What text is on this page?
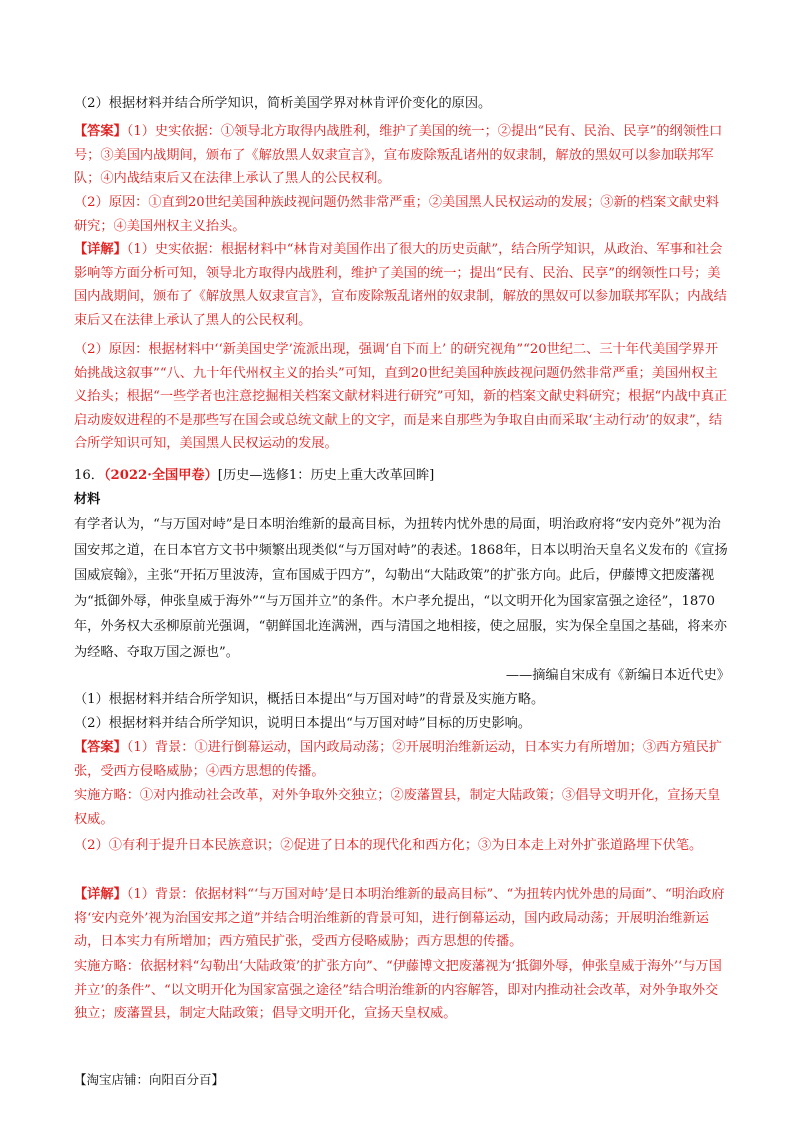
（2）根据材料并结合所学知识，简析美国学界对林肯评价变化的原因。

【答案】（1）史实依据：①领导北方取得内战胜利，维护了美国的统一；②提出“民有、民治、民享”的纲领性口号；③美国内战期间，颁布了《解放黑人奴隶宣言》，宣布废除叛乱诸州的奴隶制，解放的黑奴可以参加联邦军队；④内战结束后又在法律上承认了黑人的公民权利。

（2）原因：①直到20世纪美国种族歧视问题仍然非常严重；②美国黑人民权运动的发展；③新的档案文献史料研究；④美国州权主义抬头。

【详解】（1）史实依据：根据材料中“林肯对美国作出了很大的历史贡献”，结合所学知识，从政治、军事和社会影响等方面分析可知，领导北方取得内战胜利，维护了美国的统一；提出“民有、民治、民享”的纲领性口号；美国内战期间，颁布了《解放黑人奴隶宣言》，宣布废除叛乱诸州的奴隶制，解放的黑奴可以参加联邦军队；内战结束后又在法律上承认了黑人的公民权利。

（2）原因：根据材料中‘‘新美国史学’流派出现，强调‘自下而上’ 的研究视角”“20世纪二、三十年代美国学界开始挑战这叙事”“八、九十年代州权主义的抬头”可知，直到20世纪美国种族歧视问题仍然非常严重；美国州权主义抬头；根据“一些学者也注意挖掘相关档案文献材料进行研究”可知，新的档案文献史料研究；根据“内战中真正启动废奴进程的不是那些写在国会或总统文献上的文字，而是来自那些为争取自由而采取‘主动行动’的奴隶”，结合所学知识可知，美国黑人民权运动的发展。

16．（2022·全国甲卷）[历史—选修1：历史上重大改革回眸]

材料

有学者认为，“与万国对峙”是日本明治维新的最高目标，为扭转内忧外患的局面，明治政府将“安内竞外”视为治国安邦之道，在日本官方文书中频繁出现类似“与万国对峙”的表述。1868年，日本以明治天皇名义发布的《宣扬国威宸翰》，主张“开拓万里波涛，宣布国威于四方”，勾勒出“大陆政策”的扩张方向。此后，伊藤博文把废藩视为“抵御外辱，伸张皇威于海外”“与万国并立”的条件。木户孝允提出，“以文明开化为国家富强之途径”，1870年，外务权大丞柳原前光强调，“朝鲜国北连满洲，西与清国之地相接，使之屈服，实为保全皇国之基础，将来亦为经略、夺取万国之源也”。

——摘编自宋成有《新编日本近代史》

（1）根据材料并结合所学知识，概括日本提出“与万国对峙”的背景及实施方略。

（2）根据材料并结合所学知识，说明日本提出“与万国对峙”目标的历史影响。

【答案】（1）背景：①进行倒幕运动，国内政局动荡；②开展明治维新运动，日本实力有所增加；③西方殖民扩张，受西方侵略威胁；④西方思想的传播。

实施方略：①对内推动社会改革，对外争取外交独立；②废藩置县，制定大陆政策；③倡导文明开化，宣扬天皇权威。

（2）①有利于提升日本民族意识；②促进了日本的现代化和西方化；③为日本走上对外扩张道路埋下伏笔。

【详解】（1）背景：依据材料“‘与万国对峙’是日本明治维新的最高目标”、“为扭转内忧外患的局面”、“明治政府将‘安内竞外’视为治国安邦之道”并结合明治维新的背景可知，进行倒幕运动，国内政局动荡；开展明治维新运动，日本实力有所增加；西方殖民扩张，受西方侵略威胁；西方思想的传播。

实施方略：依据材料“勾勒出‘大陆政策’的扩张方向”、“伊藤博文把废藩视为‘抵御外辱，伸张皇威于海外’‘与万国并立’的条件”、“以文明开化为国家富强之途径”结合明治维新的内容解答，即对内推动社会改革，对外争取外交独立；废藩置县，制定大陆政策；倡导文明开化，宣扬天皇权威。

【淘宝店铺：向阳百分百】
